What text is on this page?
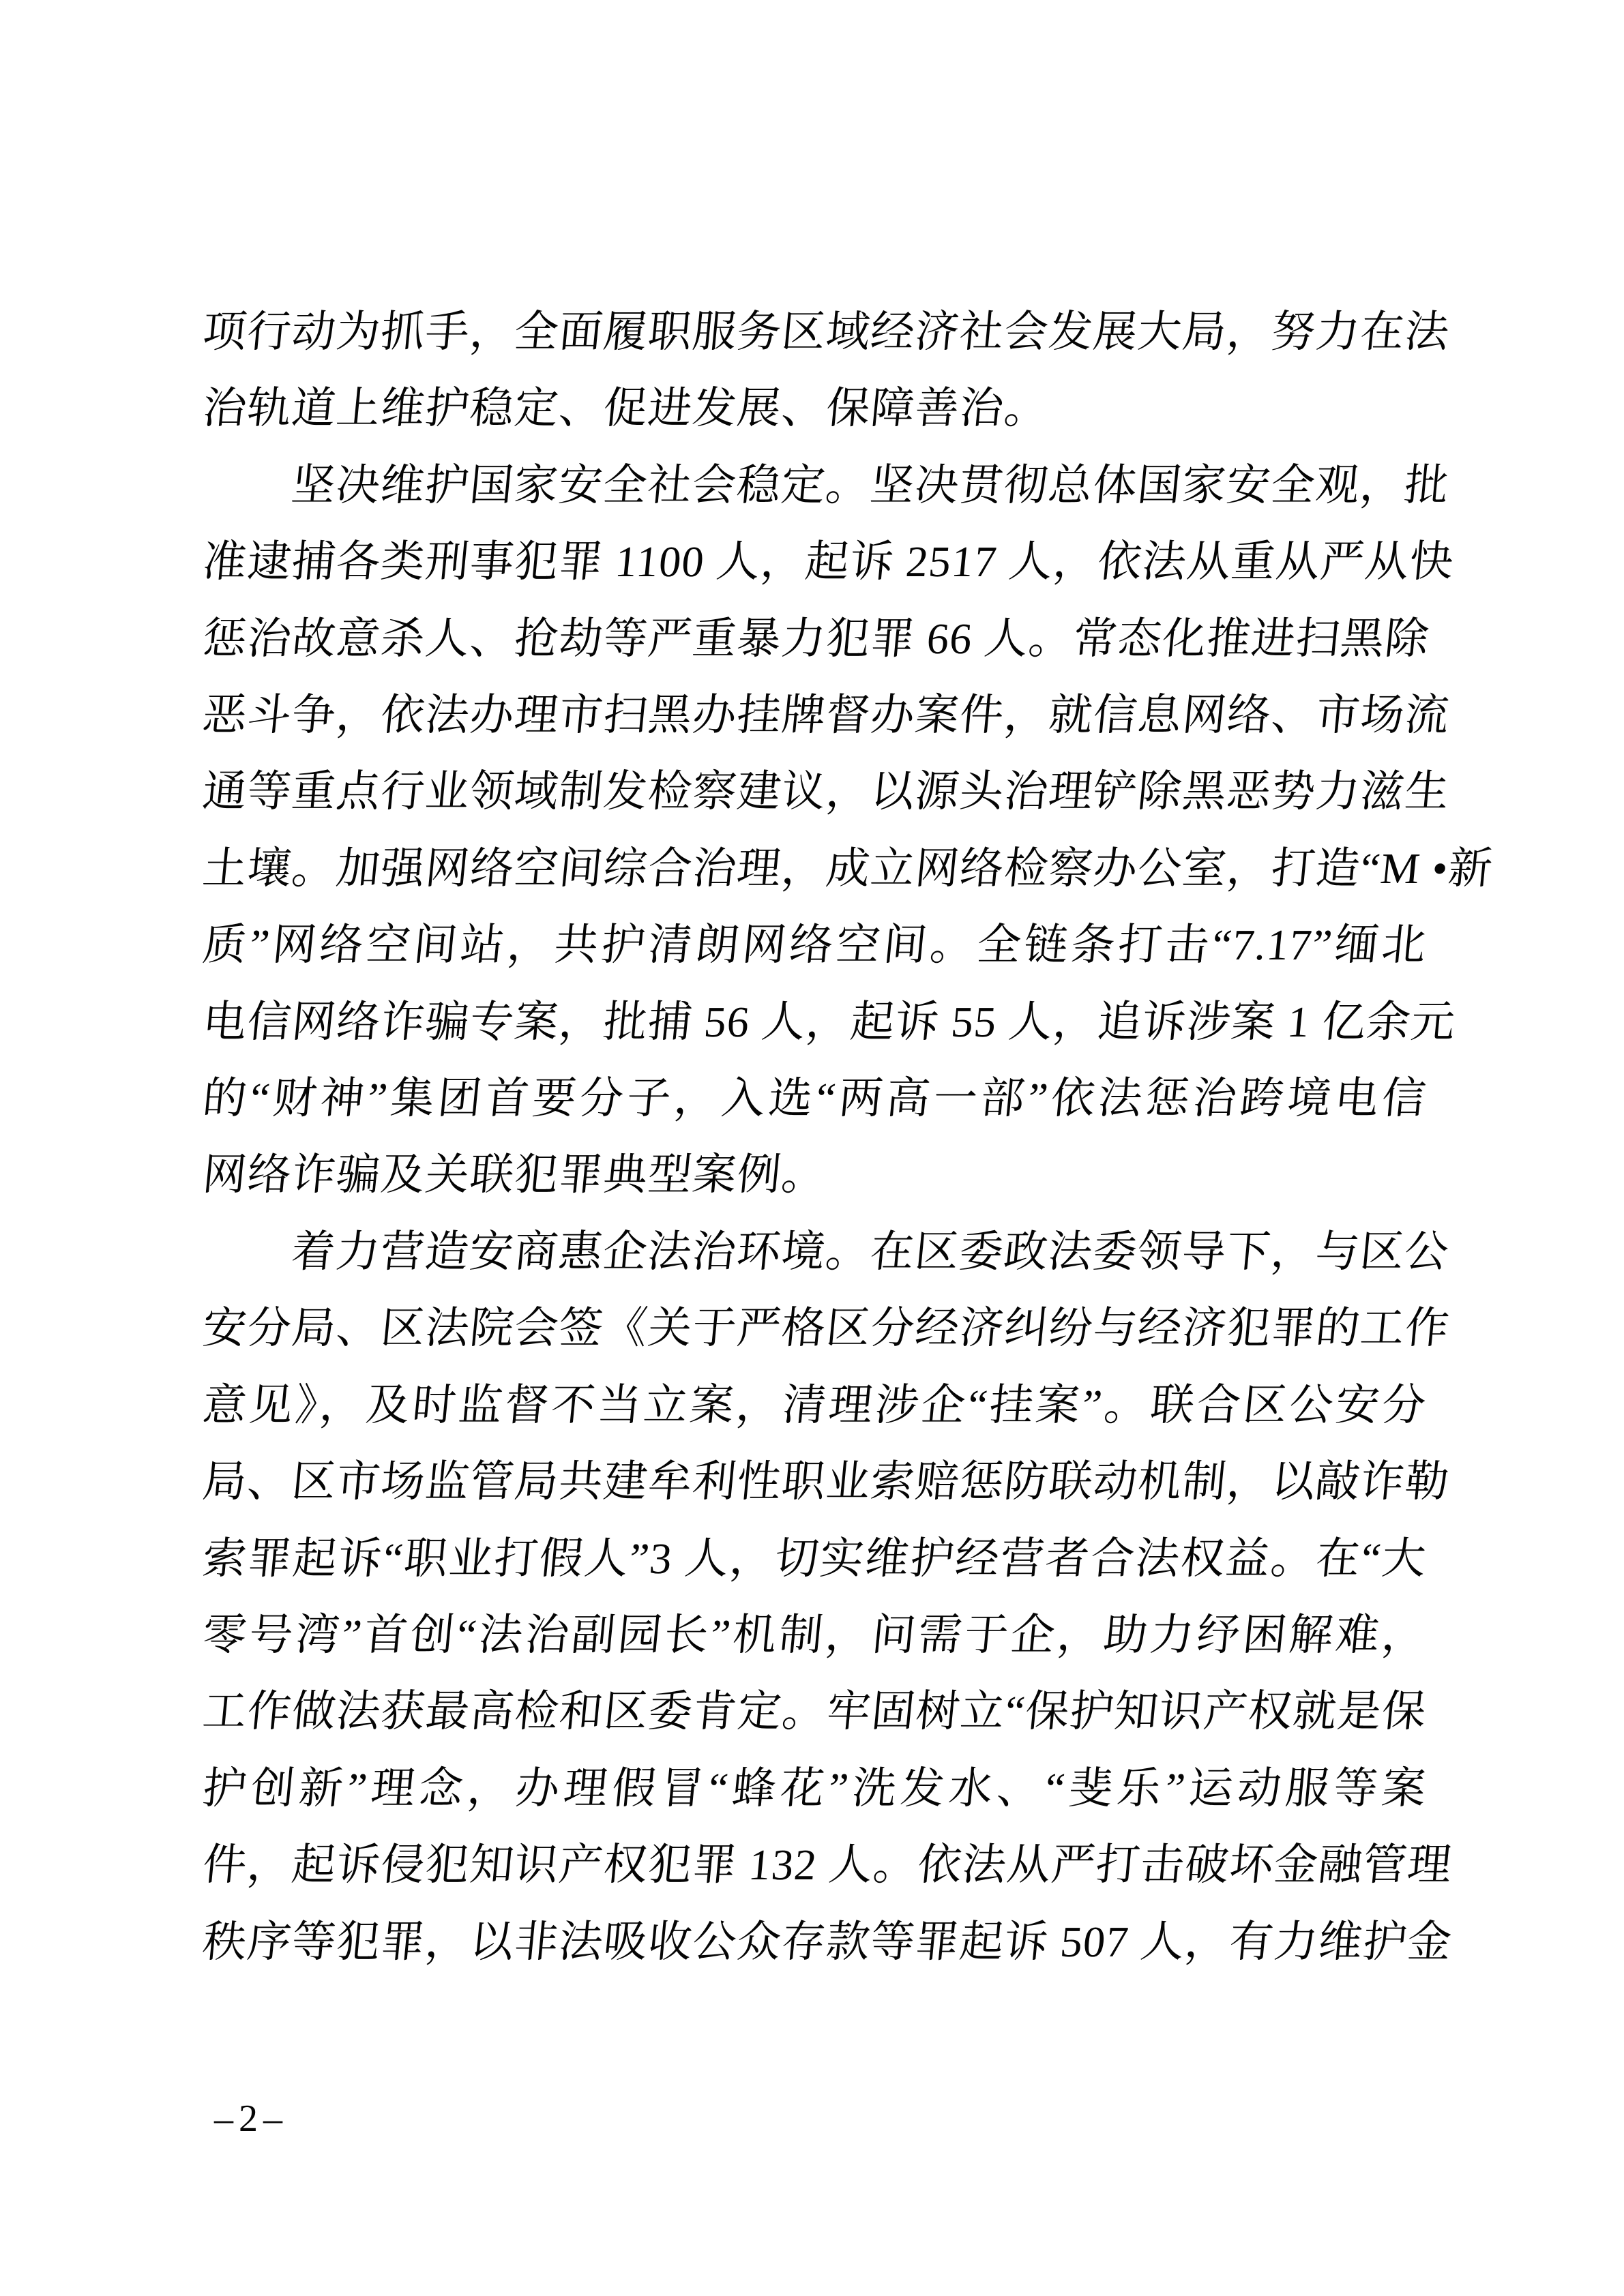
项行动为抓手，全面履职服务区域经济社会发展大局，努力在法
治轨道上维护稳定、促进发展、保障善治。
坚决维护国家安全社会稳定。坚决贯彻总体国家安全观，批
准逮捕各类刑事犯罪 1100 人，起诉 2517 人，依法从重从严从快
惩治故意杀人、抢劫等严重暴力犯罪 66 人。常态化推进扫黑除
恶斗争，依法办理市扫黑办挂牌督办案件，就信息网络、市场流
通等重点行业领域制发检察建议，以源头治理铲除黑恶势力滋生
土壤。加强网络空间综合治理，成立网络检察办公室，打造“M •新
质”网络空间站，共护清朗网络空间。全链条打击“7.17”缅北
电信网络诈骗专案，批捕 56 人，起诉 55 人，追诉涉案 1 亿余元
的“财神”集团首要分子，入选“两高一部”依法惩治跨境电信
网络诈骗及关联犯罪典型案例。
着力营造安商惠企法治环境。在区委政法委领导下，与区公
安分局、区法院会签《关于严格区分经济纠纷与经济犯罪的工作
意见》，及时监督不当立案，清理涉企“挂案”。联合区公安分
局、区市场监管局共建牟利性职业索赔惩防联动机制，以敲诈勒
索罪起诉“职业打假人”3 人，切实维护经营者合法权益。在“大
零号湾”首创“法治副园长”机制，问需于企，助力纾困解难，
工作做法获最高检和区委肯定。牢固树立“保护知识产权就是保
护创新”理念，办理假冒“蜂花”洗发水、“斐乐”运动服等案
件，起诉侵犯知识产权犯罪 132 人。依法从严打击破坏金融管理
秩序等犯罪，以非法吸收公众存款等罪起诉 507 人，有力维护金
–2–
